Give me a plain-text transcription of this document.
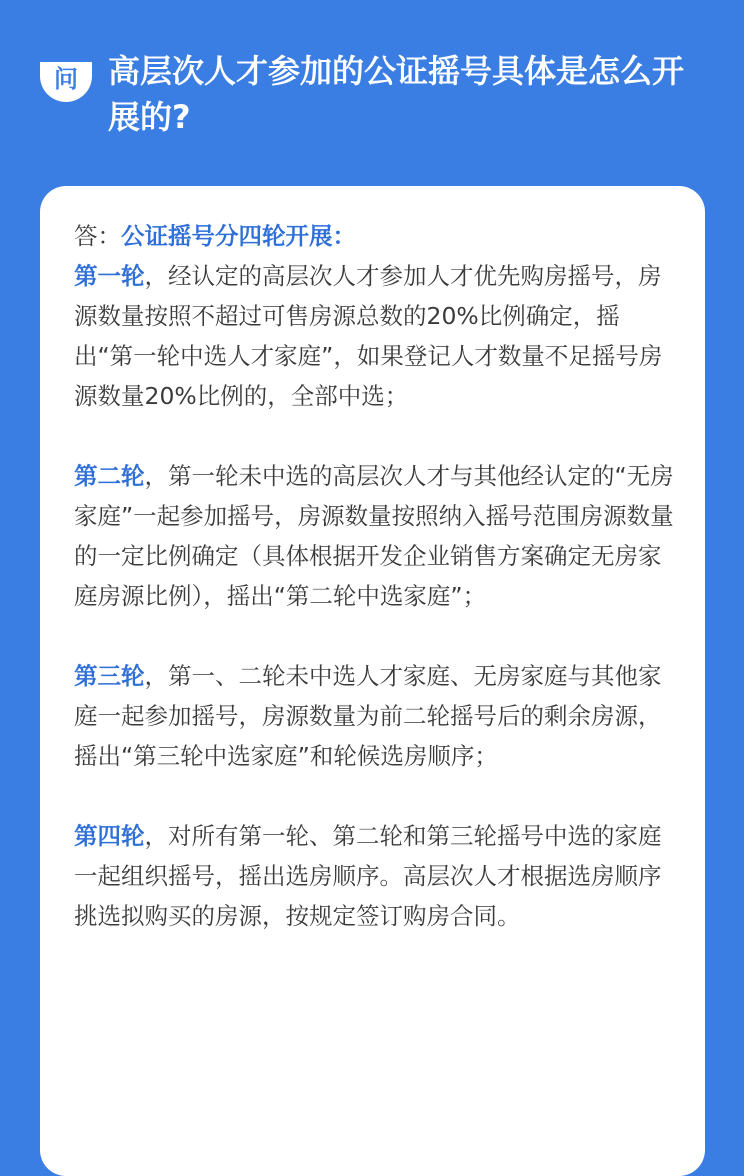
问 高层次人才参加的公证摇号具体是怎么开展的?

答：公证摇号分四轮开展：

第一轮，经认定的高层次人才参加人才优先购房摇号，房源数量按照不超过可售房源总数的20%比例确定，摇出“第一轮中选人才家庭”，如果登记人才数量不足摇号房源数量20%比例的，全部中选；

第二轮，第一轮未中选的高层次人才与其他经认定的“无房家庭”一起参加摇号，房源数量按照纳入摇号范围房源数量的一定比例确定（具体根据开发企业销售方案确定无房家庭房源比例），摇出“第二轮中选家庭”；

第三轮，第一、二轮未中选人才家庭、无房家庭与其他家庭一起参加摇号，房源数量为前二轮摇号后的剩余房源，摇出“第三轮中选家庭”和轮候选房顺序；

第四轮，对所有第一轮、第二轮和第三轮摇号中选的家庭一起组织摇号，摇出选房顺序。高层次人才根据选房顺序挑选拟购买的房源，按规定签订购房合同。
